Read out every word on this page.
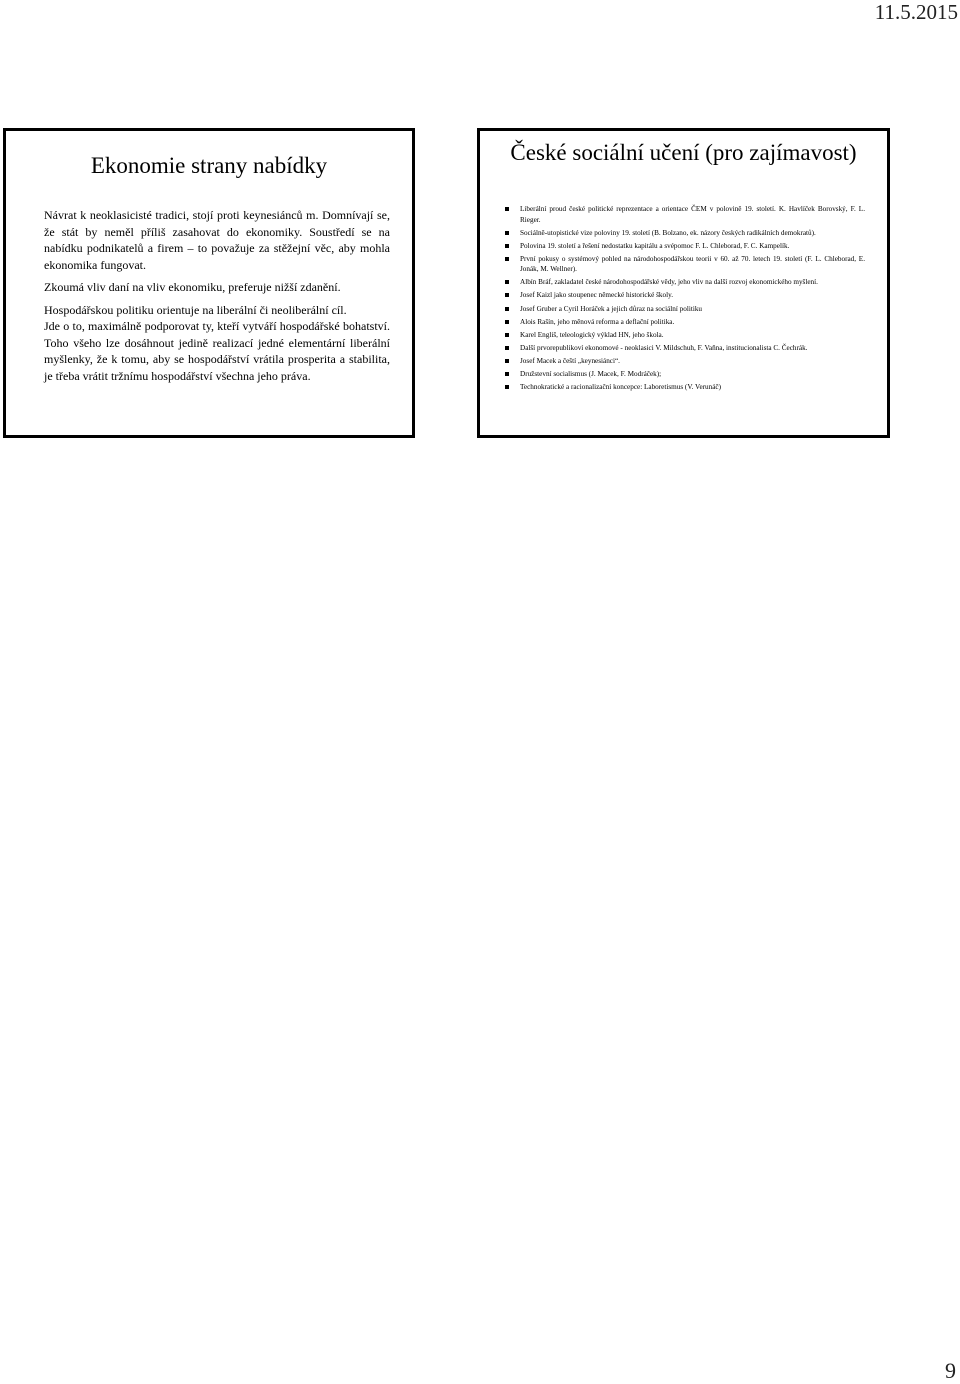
11.5.2015
Ekonomie strany nabídky

Návrat k neoklasicisté tradici, stojí proti keynesiánců m. Domnívají se, že stát by neměl příliš zasahovat do ekonomiky. Soustředí se na nabídku podnikatelů a firem – to považuje za stěžejní věc, aby mohla ekonomika fungovat.

Zkoumá vliv daní na vliv ekonomiku, preferuje nižší zdanění.

Hospodářskou politiku orientuje na liberální či neoliberální cíl.

Jde o to, maximálně podporovat ty, kteří vytváří hospodářské bohatství. Toho všeho lze dosáhnout jedině realizací jedné elementární liberální myšlenky, že k tomu, aby se hospodářství vrátila prosperita a stabilita, je třeba vrátit tržnímu hospodářství všechna jeho práva.

České sociální učení (pro zajímavost)
Liberální proud české politické reprezentace a orientace ČEM v polovině 19. století. K. Havlíček Borovský, F. L. Rieger.
Sociálně-utopistické vize poloviny 19. století (B. Bolzano, ek. názory českých radikálních demokratů).
Polovina 19. století a řešení nedostatku kapitálu a svépomoc F. L. Chleborad, F. C. Kampelík.
První pokusy o systémový pohled na národohospodářskou teorii v 60. až 70. letech 19. století (F. L. Chleborad, E. Jonák, M. Wellner).
Albín Bráf, zakladatel české národohospodářské vědy, jeho vliv na další rozvoj ekonomického myšlení.
Josef Kaizl jako stoupenec německé historické školy.
Josef Gruber a Cyril Horáček a jejich důraz na sociální politiku
Alois Rašín, jeho měnová reforma a deflační politika.
Karel Engliš, teleologický výklad HN, jeho škola.
Další prvorepublikoví ekonomové - neoklasici V. Mildschuh, F. Vaňna, institucionalista C. Čechrák.
Josef Macek a čeští „keynesiánci“.
Družstevní socialismus (J. Macek, F. Modráček);
Technokratické a racionalizační koncepce: Laboretismus (V. Verunáč)
9
